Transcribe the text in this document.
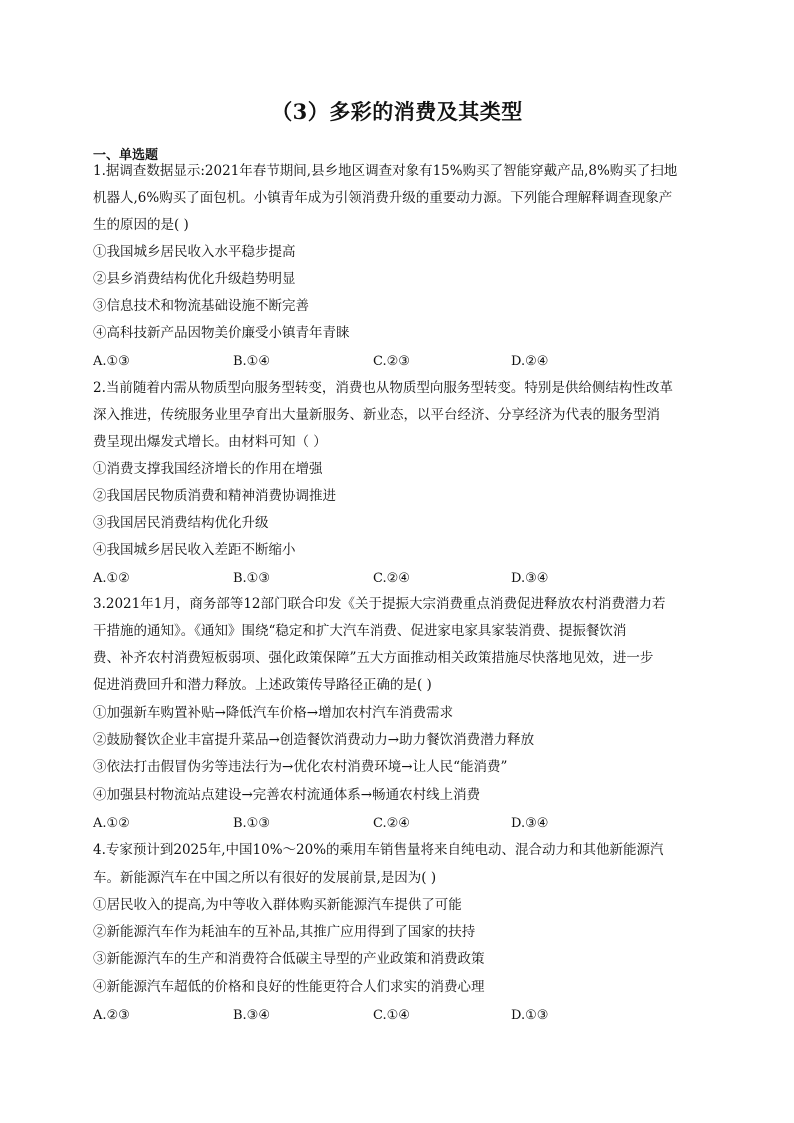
（3）多彩的消费及其类型
一、单选题
1.据调查数据显示:2021年春节期间,县乡地区调查对象有15%购买了智能穿戴产品,8%购买了扫地
机器人,6%购买了面包机。小镇青年成为引领消费升级的重要动力源。下列能合理解释调查现象产
生的原因的是( )
①我国城乡居民收入水平稳步提高
②县乡消费结构优化升级趋势明显
③信息技术和物流基础设施不断完善
④高科技新产品因物美价廉受小镇青年青睐
A.①③	B.①④	C.②③	D.②④
2.当前随着内需从物质型向服务型转变，消费也从物质型向服务型转变。特别是供给侧结构性改革
深入推进，传统服务业里孕育出大量新服务、新业态，以平台经济、分享经济为代表的服务型消
费呈现出爆发式增长。由材料可知（ ）
①消费支撑我国经济增长的作用在增强
②我国居民物质消费和精神消费协调推进
③我国居民消费结构优化升级
④我国城乡居民收入差距不断缩小
A.①②	B.①③	C.②④	D.③④
3.2021年1月，商务部等12部门联合印发《关于提振大宗消费重点消费促进释放农村消费潜力若
干措施的通知》。《通知》围绕“稳定和扩大汽车消费、促进家电家具家装消费、提振餐饮消
费、补齐农村消费短板弱项、强化政策保障”五大方面推动相关政策措施尽快落地见效，进一步
促进消费回升和潜力释放。上述政策传导路径正确的是( )
①加强新车购置补贴→降低汽车价格→增加农村汽车消费需求
②鼓励餐饮企业丰富提升菜品→创造餐饮消费动力→助力餐饮消费潜力释放
③依法打击假冒伪劣等违法行为→优化农村消费环境→让人民“能消费”
④加强县村物流站点建设→完善农村流通体系→畅通农村线上消费
A.①②	B.①③	C.②④	D.③④
4.专家预计到2025年,中国10%～20%的乘用车销售量将来自纯电动、混合动力和其他新能源汽
车。新能源汽车在中国之所以有很好的发展前景,是因为( )
①居民收入的提高,为中等收入群体购买新能源汽车提供了可能
②新能源汽车作为耗油车的互补品,其推广应用得到了国家的扶持
③新能源汽车的生产和消费符合低碳主导型的产业政策和消费政策
④新能源汽车超低的价格和良好的性能更符合人们求实的消费心理
A.②③	B.③④	C.①④	D.①③
